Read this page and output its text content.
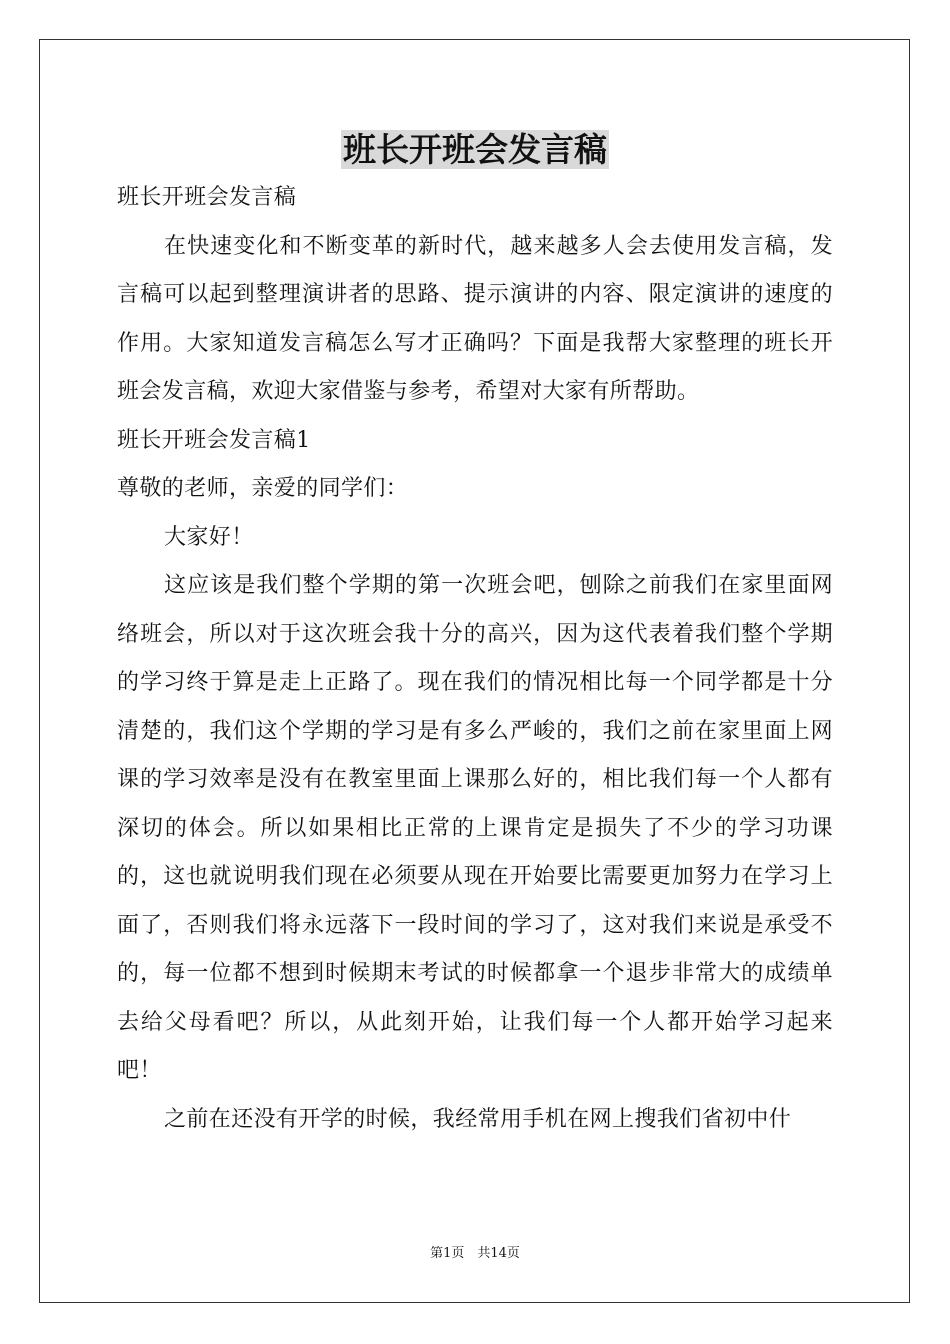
班长开班会发言稿

班长开班会发言稿

在快速变化和不断变革的新时代，越来越多人会去使用发言稿，发言稿可以起到整理演讲者的思路、提示演讲的内容、限定演讲的速度的作用。大家知道发言稿怎么写才正确吗？下面是我帮大家整理的班长开班会发言稿，欢迎大家借鉴与参考，希望对大家有所帮助。

班长开班会发言稿1

尊敬的老师，亲爱的同学们：

大家好！

这应该是我们整个学期的第一次班会吧，刨除之前我们在家里面网络班会，所以对于这次班会我十分的高兴，因为这代表着我们整个学期的学习终于算是走上正路了。现在我们的情况相比每一个同学都是十分清楚的，我们这个学期的学习是有多么严峻的，我们之前在家里面上网课的学习效率是没有在教室里面上课那么好的，相比我们每一个人都有深切的体会。所以如果相比正常的上课肯定是损失了不少的学习功课的，这也就说明我们现在必须要从现在开始要比需要更加努力在学习上面了，否则我们将永远落下一段时间的学习了，这对我们来说是承受不的，每一位都不想到时候期末考试的时候都拿一个退步非常大的成绩单去给父母看吧？所以，从此刻开始，让我们每一个人都开始学习起来吧！

之前在还没有开学的时候，我经常用手机在网上搜我们省初中什

第1页　共14页
